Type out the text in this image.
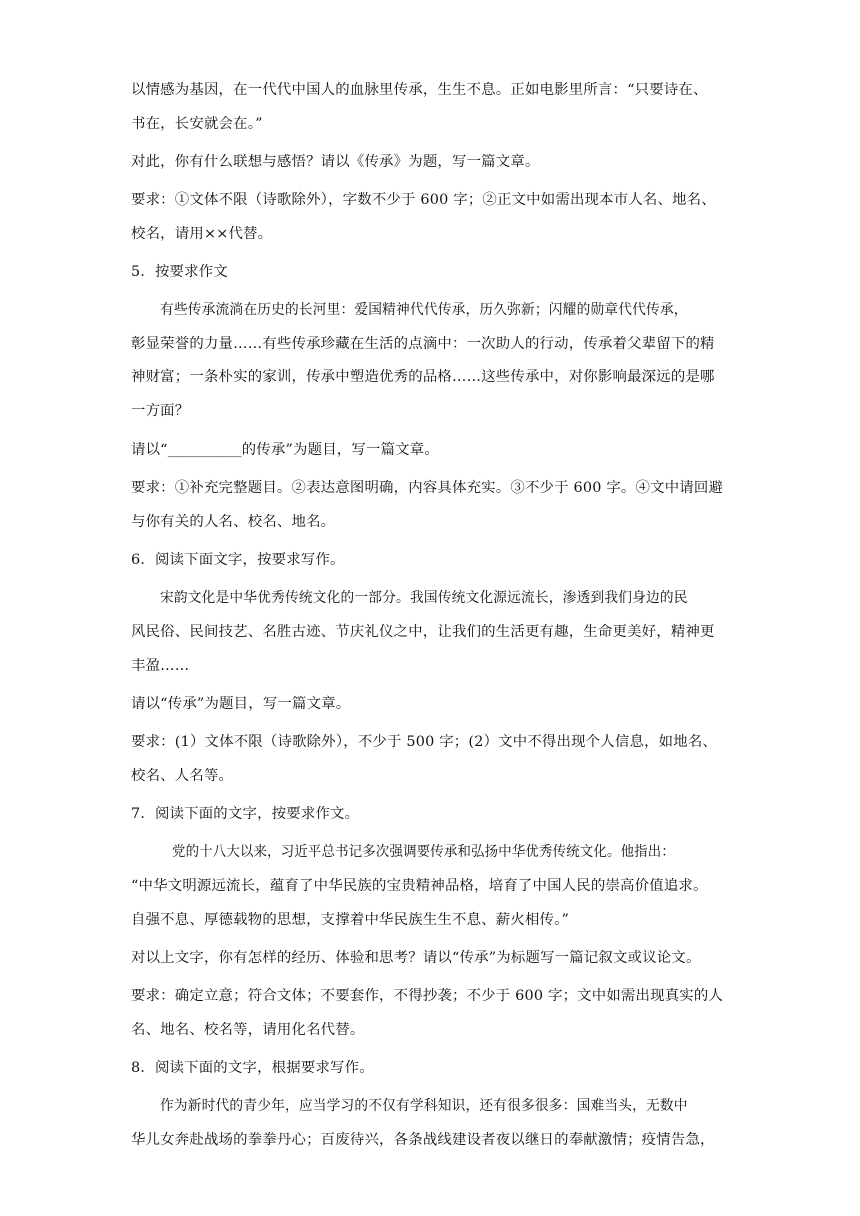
以情感为基因，在一代代中国人的血脉里传承，生生不息。正如电影里所言：“只要诗在、
书在，长安就会在。”
对此，你有什么联想与感悟？请以《传承》为题，写一篇文章。
要求：①文体不限（诗歌除外），字数不少于 600 字；②正文中如需出现本市人名、地名、
校名，请用××代替。
5．按要求作文
有些传承流淌在历史的长河里：爱国精神代代传承，历久弥新；闪耀的勋章代代传承，
彰显荣誉的力量……有些传承珍藏在生活的点滴中：一次助人的行动，传承着父辈留下的精
神财富；一条朴实的家训，传承中塑造优秀的品格……这些传承中，对你影响最深远的是哪
一方面？
请以“__________的传承”为题目，写一篇文章。
要求：①补充完整题目。②表达意图明确，内容具体充实。③不少于 600 字。④文中请回避
与你有关的人名、校名、地名。
6．阅读下面文字，按要求写作。
宋韵文化是中华优秀传统文化的一部分。我国传统文化源远流长，渗透到我们身边的民
风民俗、民间技艺、名胜古迹、节庆礼仪之中，让我们的生活更有趣，生命更美好，精神更
丰盈……
请以“传承”为题目，写一篇文章。
要求：(1）文体不限（诗歌除外），不少于 500 字；(2）文中不得出现个人信息，如地名、
校名、人名等。
7．阅读下面的文字，按要求作文。
党的十八大以来，习近平总书记多次强调要传承和弘扬中华优秀传统文化。他指出：
“中华文明源远流长，蕴育了中华民族的宝贵精神品格，培育了中国人民的崇高价值追求。
自强不息、厚德载物的思想，支撑着中华民族生生不息、薪火相传。”
对以上文字，你有怎样的经历、体验和思考？请以“传承”为标题写一篇记叙文或议论文。
要求：确定立意；符合文体；不要套作，不得抄袭；不少于 600 字；文中如需出现真实的人
名、地名、校名等，请用化名代替。
8．阅读下面的文字，根据要求写作。
作为新时代的青少年，应当学习的不仅有学科知识，还有很多很多：国难当头，无数中
华儿女奔赴战场的拳拳丹心；百废待兴，各条战线建设者夜以继日的奉献激情；疫情告急，
